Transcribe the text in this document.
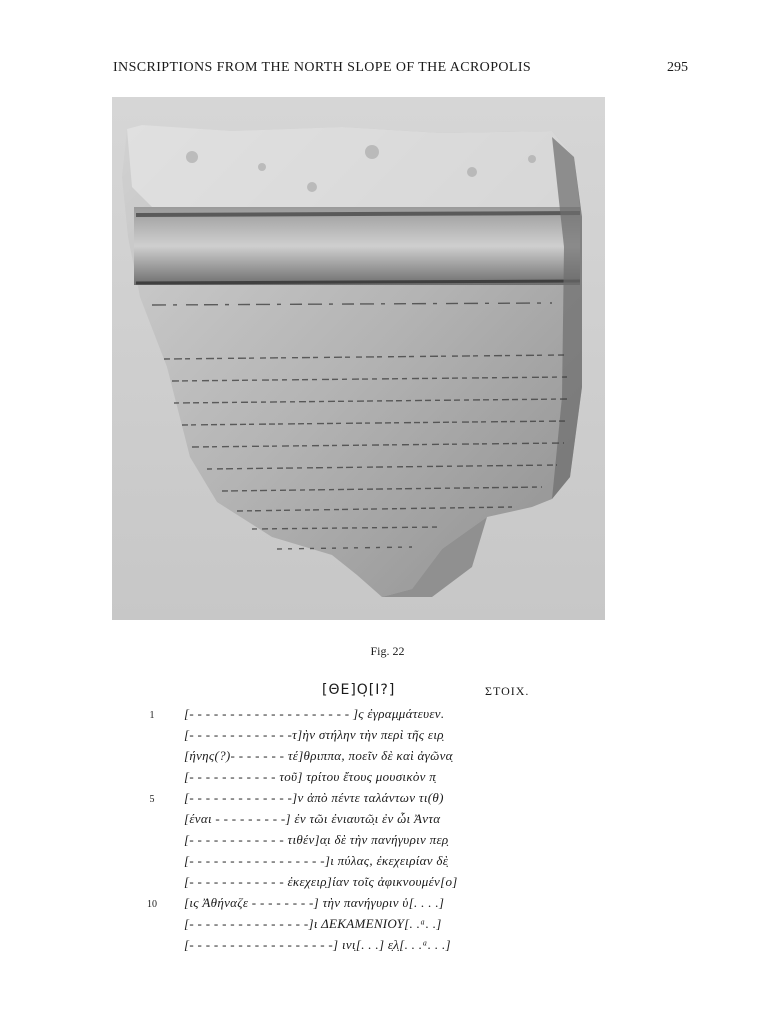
INSCRIPTIONS FROM THE NORTH SLOPE OF THE ACROPOLIS	295
Fig. 22
[ΘΕ]Ο̣[Ι?]	ΣΤΟΙΧ.
1 [- - - - - - - - - - - - - - - - - - - - ]ς ἐγραμ̣μάτευεν.
[- - - - - - - - - - - - -τ]ὴν στήλην τὴν περὶ τῆς ειρ̣
[ήνης(?)- - - - - - - τέ]θριππα, ποεῖν δὲ καὶ ἀγῶνα̣
[- - - - - - - - - - - τοῦ] τρίτου ἔτους μουσικὸν π̣
5 [- - - - - - - - - - - - -]ν ἀπὸ πέντε ταλάντων τι(θ)
[έναι - - - - - - - - -] ἐν τῶι ἐνιαυτῶ̣ι ἐν ὧι Ἀντα
[- - - - - - - - - - - - τιθέν]α̣ι δὲ τὴν πανήγυριν περ̣
[- - - - - - - - - - - - - - - - -]ι πύλας, ἐκεχειρίαν δὲ̣
[- - - - - - - - - - - - ἐκεχειρ̣]ίαν τοῖς ἀφικνουμέν[ο]
10 [ις Ἀθήναζε - - - - - - - -] τὴν πανήγυριν ὑ[. . . .]
[- - - - - - - - - - - - - - -]ι ΔΕΚΑΜΕΝΙΟΥ[. .ᵃ. .]
[- - - - - - - - - - - - - - - - - -] ινι̣[. . .] ε̣λ̣[. . .ᵃ. . .]
